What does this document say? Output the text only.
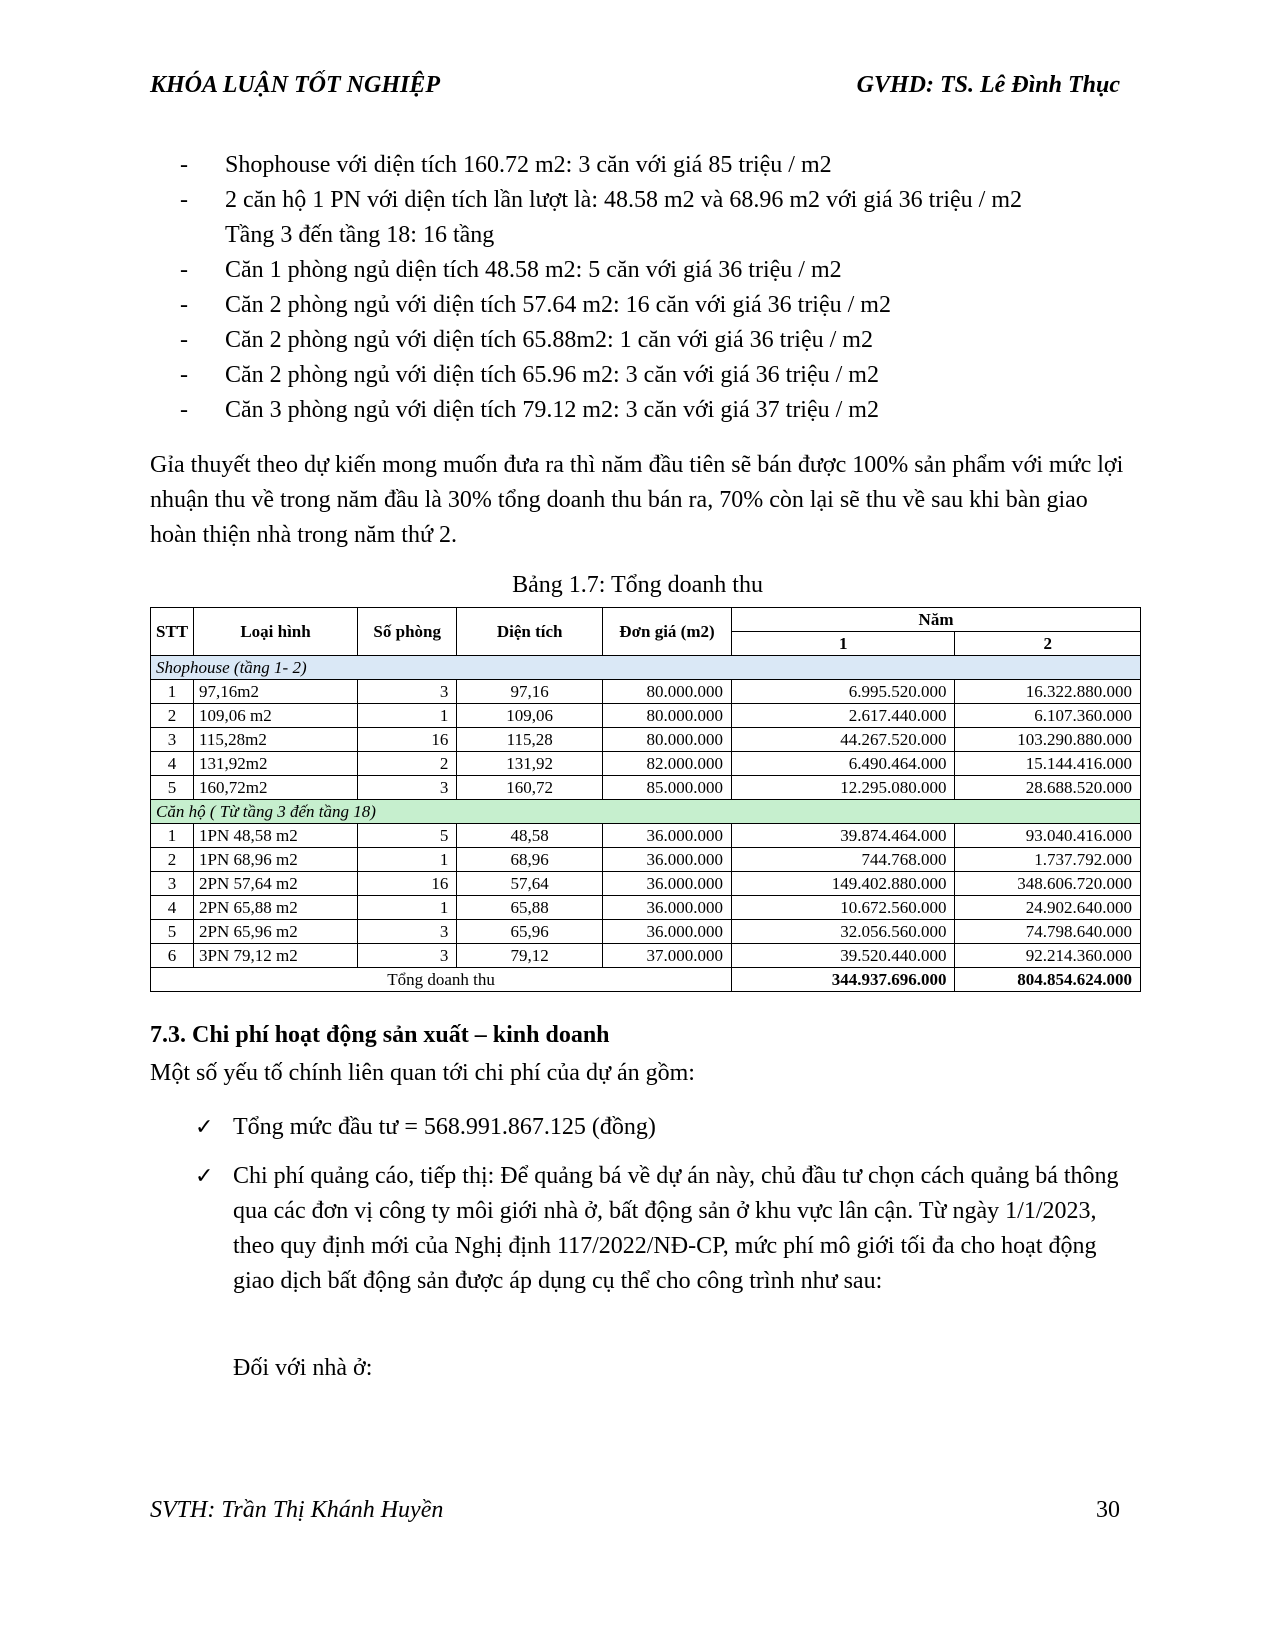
KHÓA LUẬN TỐT NGHIỆP	GVHD: TS. Lê Đình Thục
-	Shophouse với diện tích 160.72 m2: 3 căn với giá 85 triệu / m2
-	2 căn hộ 1 PN với diện tích lần lượt là: 48.58 m2 và 68.96 m2 với giá 36 triệu / m2
Tầng 3 đến tầng 18: 16 tầng
-	Căn 1 phòng ngủ diện tích 48.58 m2: 5 căn với giá 36 triệu / m2
-	Căn 2 phòng ngủ với diện tích 57.64 m2: 16 căn với giá 36 triệu / m2
-	Căn 2 phòng ngủ với diện tích 65.88m2: 1 căn với giá 36 triệu / m2
-	Căn 2 phòng ngủ với diện tích 65.96 m2: 3 căn với giá 36 triệu / m2
-	Căn 3 phòng ngủ với diện tích 79.12 m2: 3 căn với giá 37 triệu / m2
Gỉa thuyết theo dự kiến mong muốn đưa ra thì năm đầu tiên sẽ bán được 100% sản phẩm với mức lợi nhuận thu về trong năm đầu là 30% tổng doanh thu bán ra, 70% còn lại sẽ thu về sau khi bàn giao hoàn thiện nhà trong năm thứ 2.
Bảng 1.7: Tổng doanh thu
STT	Loại hình	Số phòng	Diện tích	Đơn giá (m2)	Năm	
					1	2
Shophouse (tầng 1- 2)						
1	97,16m2	3	97,16	80.000.000	6.995.520.000	16.322.880.000
2	109,06 m2	1	109,06	80.000.000	2.617.440.000	6.107.360.000
3	115,28m2	16	115,28	80.000.000	44.267.520.000	103.290.880.000
4	131,92m2	2	131,92	82.000.000	6.490.464.000	15.144.416.000
5	160,72m2	3	160,72	85.000.000	12.295.080.000	28.688.520.000
Căn hộ ( Từ tầng 3 đến tầng 18)						
1	1PN 48,58 m2	5	48,58	36.000.000	39.874.464.000	93.040.416.000
2	1PN 68,96 m2	1	68,96	36.000.000	744.768.000	1.737.792.000
3	2PN 57,64 m2	16	57,64	36.000.000	149.402.880.000	348.606.720.000
4	2PN 65,88 m2	1	65,88	36.000.000	10.672.560.000	24.902.640.000
5	2PN 65,96 m2	3	65,96	36.000.000	32.056.560.000	74.798.640.000
6	3PN 79,12 m2	3	79,12	37.000.000	39.520.440.000	92.214.360.000
Tổng doanh thu					344.937.696.000	804.854.624.000
7.3. Chi phí hoạt động sản xuất – kinh doanh
Một số yếu tố chính liên quan tới chi phí của dự án gồm:
✓ Tổng mức đầu tư = 568.991.867.125 (đồng)
✓ Chi phí quảng cáo, tiếp thị: Để quảng bá về dự án này, chủ đầu tư chọn cách quảng bá thông qua các đơn vị công ty môi giới nhà ở, bất động sản ở khu vực lân cận. Từ ngày 1/1/2023, theo quy định mới của Nghị định 117/2022/NĐ-CP, mức phí mô giới tối đa cho hoạt động giao dịch bất động sản được áp dụng cụ thể cho công trình như sau:
Đối với nhà ở:
SVTH: Trần Thị Khánh Huyền	30
